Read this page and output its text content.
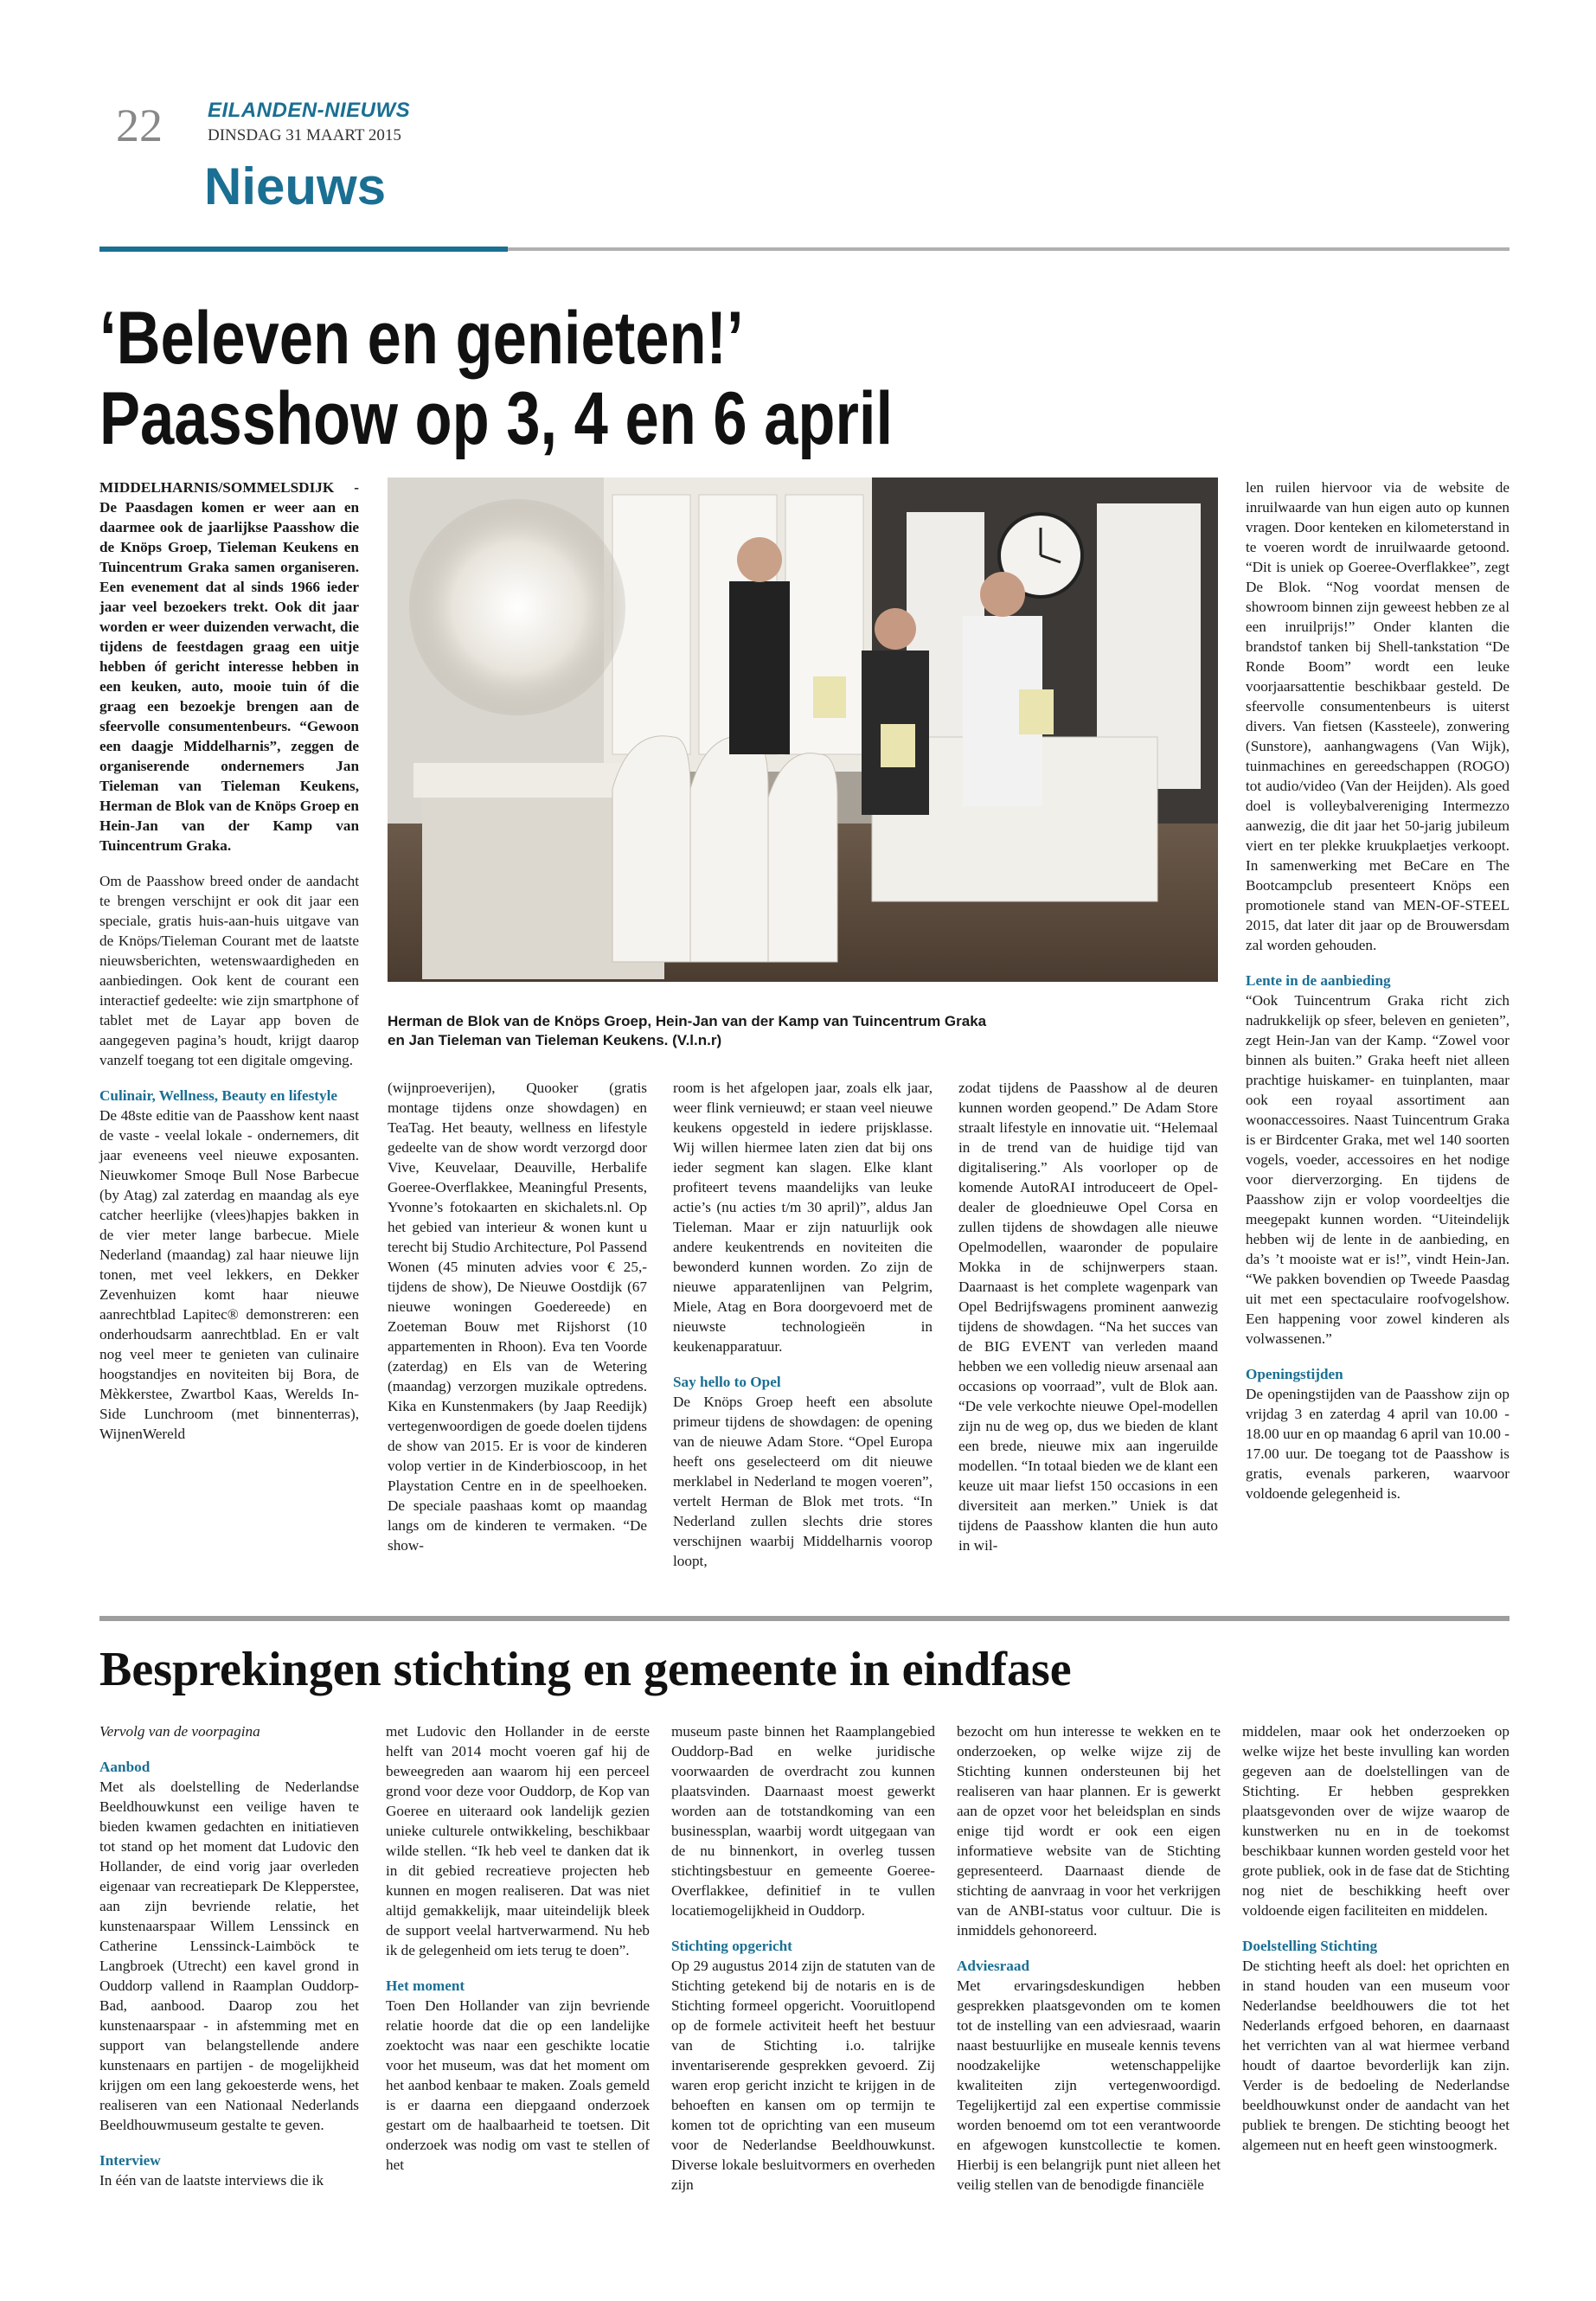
22 EILANDEN-NIEUWS
DINSDAG 31 MAART 2015
Nieuws
‘Beleven en genieten!’
Paasshow op 3, 4 en 6 april

MIDDELHARNIS/SOMMELSDIJK - De Paasdagen komen er weer aan en daarmee ook de jaarlijkse Paasshow die de Knöps Groep, Tieleman Keukens en Tuincentrum Graka samen organiseren. Een evenement dat al sinds 1966 ieder jaar veel bezoekers trekt. Ook dit jaar worden er weer duizenden verwacht, die tijdens de feestdagen graag een uitje hebben óf gericht interesse hebben in een keuken, auto, mooie tuin óf die graag een bezoekje brengen aan de sfeervolle consumentenbeurs. “Gewoon een daagje Middelharnis”, zeggen de organiserende ondernemers Jan Tieleman van Tieleman Keukens, Herman de Blok van de Knöps Groep en Hein-Jan van der Kamp van Tuincentrum Graka.

Om de Paasshow breed onder de aandacht te brengen verschijnt er ook dit jaar een speciale, gratis huis-aan-huis uitgave van de Knöps/Tieleman Courant met de laatste nieuwsberichten, wetenswaardigheden en aanbiedingen. Ook kent de courant een interactief gedeelte: wie zijn smartphone of tablet met de Layar app boven de aangegeven pagina’s houdt, krijgt daarop vanzelf toegang tot een digitale omgeving.

Culinair, Wellness, Beauty en lifestyle

De 48ste editie van de Paasshow kent naast de vaste - veelal lokale - ondernemers, dit jaar eveneens veel nieuwe exposanten. Nieuwkomer Smoqe Bull Nose Barbecue (by Atag) zal zaterdag en maandag als eye catcher heerlijke (vlees)hapjes bakken in de vier meter lange barbecue. Miele Nederland (maandag) zal haar nieuwe lijn tonen, met veel lekkers, en Dekker Zevenhuizen komt haar nieuwe aanrechtblad Lapitec® demonstreren: een onderhoudsarm aanrechtblad. En er valt nog veel meer te genieten van culinaire hoogstandjes en noviteiten bij Bora, de Mèkkerstee, Zwartbol Kaas, Werelds In-Side Lunchroom (met binnenterras), WijnenWereld

(wijnproeverijen), Quooker (gratis montage tijdens onze showdagen) en TeaTag. Het beauty, wellness en lifestyle gedeelte van de show wordt verzorgd door Vive, Keuvelaar, Deauville, Herbalife Goeree-Overflakkee, Meaningful Presents, Yvonne’s fotokaarten en skichalets.nl. Op het gebied van interieur & wonen kunt u terecht bij Studio Architecture, Pol Passend Wonen (45 minuten advies voor € 25,- tijdens de show), De Nieuwe Oostdijk (67 nieuwe woningen Goedereede) en Zoeteman Bouw met Rijshorst (10 appartementen in Rhoon). Eva ten Voorde (zaterdag) en Els van de Wetering (maandag) verzorgen muzikale optredens. Kika en Kunstenmakers (by Jaap Reedijk) vertegenwoordigen de goede doelen tijdens de show van 2015. Er is voor de kinderen volop vertier in de Kinderbioscoop, in het Playstation Centre en in de speelhoeken. De speciale paashaas komt op maandag langs om de kinderen te vermaken. “De show-

room is het afgelopen jaar, zoals elk jaar, weer flink vernieuwd; er staan veel nieuwe keukens opgesteld in iedere prijsklasse. Wij willen hiermee laten zien dat bij ons ieder segment kan slagen. Elke klant profiteert tevens maandelijks van leuke actie’s (nu acties t/m 30 april)”, aldus Jan Tieleman. Maar er zijn natuurlijk ook andere keukentrends en noviteiten die bewonderd kunnen worden. Zo zijn de nieuwe apparatenlijnen van Pelgrim, Miele, Atag en Bora doorgevoerd met de nieuwste technologieën in keukenapparatuur.

Say hello to Opel

De Knöps Groep heeft een absolute primeur tijdens de showdagen: de opening van de nieuwe Adam Store. “Opel Europa heeft ons geselecteerd om dit nieuwe merklabel in Nederland te mogen voeren”, vertelt Herman de Blok met trots. “In Nederland zullen slechts drie stores verschijnen waarbij Middelharnis voorop loopt,

zodat tijdens de Paasshow al de deuren kunnen worden geopend.” De Adam Store straalt lifestyle en innovatie uit. “Helemaal in de trend van de huidige tijd van digitalisering.” Als voorloper op de komende AutoRAI introduceert de Opel-dealer de gloednieuwe Opel Corsa en zullen tijdens de showdagen alle nieuwe Opelmodellen, waaronder de populaire Mokka in de schijnwerpers staan. Daarnaast is het complete wagenpark van Opel Bedrijfswagens prominent aanwezig tijdens de showdagen. “Na het succes van de BIG EVENT van verleden maand hebben we een volledig nieuw arsenaal aan occasions op voorraad”, vult de Blok aan. “De vele verkochte nieuwe Opel-modellen zijn nu de weg op, dus we bieden de klant een brede, nieuwe mix aan ingeruilde modellen. “In totaal bieden we de klant een keuze uit maar liefst 150 occasions in een diversiteit aan merken.” Uniek is dat tijdens de Paasshow klanten die hun auto in wil-

len ruilen hiervoor via de website de inruilwaarde van hun eigen auto op kunnen vragen. Door kenteken en kilometerstand in te voeren wordt de inruilwaarde getoond. “Dit is uniek op Goeree-Overflakkee”, zegt De Blok. “Nog voordat mensen de showroom binnen zijn geweest hebben ze al een inruilprijs!” Onder klanten die brandstof tanken bij Shell-tankstation “De Ronde Boom” wordt een leuke voorjaarsattentie beschikbaar gesteld. De sfeervolle consumentenbeurs is uiterst divers. Van fietsen (Kassteele), zonwering (Sunstore), aanhangwagens (Van Wijk), tuinmachines en gereedschappen (ROGO) tot audio/video (Van der Heijden). Als goed doel is volleybalvereniging Intermezzo aanwezig, die dit jaar het 50-jarig jubileum viert en ter plekke kruukplaetjes verkoopt. In samenwerking met BeCare en The Bootcampclub presenteert Knöps een promotionele stand van MEN-OF-STEEL 2015, dat later dit jaar op de Brouwersdam zal worden gehouden.

Lente in de aanbieding

“Ook Tuincentrum Graka richt zich nadrukkelijk op sfeer, beleven en genieten”, zegt Hein-Jan van der Kamp. “Zowel voor binnen als buiten.” Graka heeft niet alleen prachtige huiskamer- en tuinplanten, maar ook een royaal assortiment aan woonaccessoires. Naast Tuincentrum Graka is er Birdcenter Graka, met wel 140 soorten vogels, voeder, accessoires en het nodige voor dierverzorging. En tijdens de Paasshow zijn er volop voordeeltjes die meegepakt kunnen worden. “Uiteindelijk hebben wij de lente in de aanbieding, en da’s ’t mooiste wat er is!”, vindt Hein-Jan. “We pakken bovendien op Tweede Paasdag uit met een spectaculaire roofvogelshow. Een happening voor zowel kinderen als volwassenen.”

Openingstijden

De openingstijden van de Paasshow zijn op vrijdag 3 en zaterdag 4 april van 10.00 - 18.00 uur en op maandag 6 april van 10.00 - 17.00 uur. De toegang tot de Paasshow is gratis, evenals parkeren, waarvoor voldoende gelegenheid is.

Herman de Blok van de Knöps Groep, Hein-Jan van der Kamp van Tuincentrum Graka en Jan Tieleman van Tieleman Keukens. (V.l.n.r)
Besprekingen stichting en gemeente in eindfase

Vervolg van de voorpagina

Aanbod

Met als doelstelling de Nederlandse Beeldhouwkunst een veilige haven te bieden kwamen gedachten en initiatieven tot stand op het moment dat Ludovic den Hollander, de eind vorig jaar overleden eigenaar van recreatiepark De Klepperstee, aan zijn bevriende relatie, het kunstenaarspaar Willem Lenssinck en Catherine Lenssinck-Laimböck te Langbroek (Utrecht) een kavel grond in Ouddorp vallend in Raamplan Ouddorp-Bad, aanbood. Daarop zou het kunstenaarspaar - in afstemming met en support van belangstellende andere kunstenaars en partijen - de mogelijkheid krijgen om een lang gekoesterde wens, het realiseren van een Nationaal Nederlands Beeldhouwmuseum gestalte te geven.

Interview

In één van de laatste interviews die ik

met Ludovic den Hollander in de eerste helft van 2014 mocht voeren gaf hij de beweegreden aan waarom hij een perceel grond voor deze voor Ouddorp, de Kop van Goeree en uiteraard ook landelijk gezien unieke culturele ontwikkeling, beschikbaar wilde stellen. “Ik heb veel te danken dat ik in dit gebied recreatieve projecten heb kunnen en mogen realiseren. Dat was niet altijd gemakkelijk, maar uiteindelijk bleek de support veelal hartverwarmend. Nu heb ik de gelegenheid om iets terug te doen”.

Het moment

Toen Den Hollander van zijn bevriende relatie hoorde dat die op een landelijke zoektocht was naar een geschikte locatie voor het museum, was dat het moment om het aanbod kenbaar te maken. Zoals gemeld is er daarna een diepgaand onderzoek gestart om de haalbaarheid te toetsen. Dit onderzoek was nodig om vast te stellen of het

museum paste binnen het Raamplangebied Ouddorp-Bad en welke juridische voorwaarden de overdracht zou kunnen plaatsvinden. Daarnaast moest gewerkt worden aan de totstandkoming van een businessplan, waarbij wordt uitgegaan van de nu binnenkort, in overleg tussen stichtingsbestuur en gemeente Goeree-Overflakkee, definitief in te vullen locatiemogelijkheid in Ouddorp.

Stichting opgericht

Op 29 augustus 2014 zijn de statuten van de Stichting getekend bij de notaris en is de Stichting formeel opgericht. Vooruitlopend op de formele activiteit heeft het bestuur van de Stichting i.o. talrijke inventariserende gesprekken gevoerd. Zij waren erop gericht inzicht te krijgen in de behoeften en kansen om op termijn te komen tot de oprichting van een museum voor de Nederlandse Beeldhouwkunst. Diverse lokale besluitvormers en overheden zijn

bezocht om hun interesse te wekken en te onderzoeken, op welke wijze zij de Stichting kunnen ondersteunen bij het realiseren van haar plannen. Er is gewerkt aan de opzet voor het beleidsplan en sinds enige tijd wordt er ook een eigen informatieve website van de Stichting gepresenteerd. Daarnaast diende de stichting de aanvraag in voor het verkrijgen van de ANBI-status voor cultuur. Die is inmiddels gehonoreerd.

Adviesraad

Met ervaringsdeskundigen hebben gesprekken plaatsgevonden om te komen tot de instelling van een adviesraad, waarin naast bestuurlijke en museale kennis tevens noodzakelijke wetenschappelijke kwaliteiten zijn vertegenwoordigd. Tegelijkertijd zal een expertise commissie worden benoemd om tot een verantwoorde en afgewogen kunstcollectie te komen. Hierbij is een belangrijk punt niet alleen het veilig stellen van de benodigde financiële

middelen, maar ook het onderzoeken op welke wijze het beste invulling kan worden gegeven aan de doelstellingen van de Stichting. Er hebben gesprekken plaatsgevonden over de wijze waarop de kunstwerken nu en in de toekomst beschikbaar kunnen worden gesteld voor het grote publiek, ook in de fase dat de Stichting nog niet de beschikking heeft over voldoende eigen faciliteiten en middelen.

Doelstelling Stichting

De stichting heeft als doel: het oprichten en in stand houden van een museum voor Nederlandse beeldhouwers die tot het Nederlands erfgoed behoren, en daarnaast het verrichten van al wat hiermee verband houdt of daartoe bevorderlijk kan zijn. Verder is de bedoeling de Nederlandse beeldhouwkunst onder de aandacht van het publiek te brengen. De stichting beoogt het algemeen nut en heeft geen winstoogmerk.
